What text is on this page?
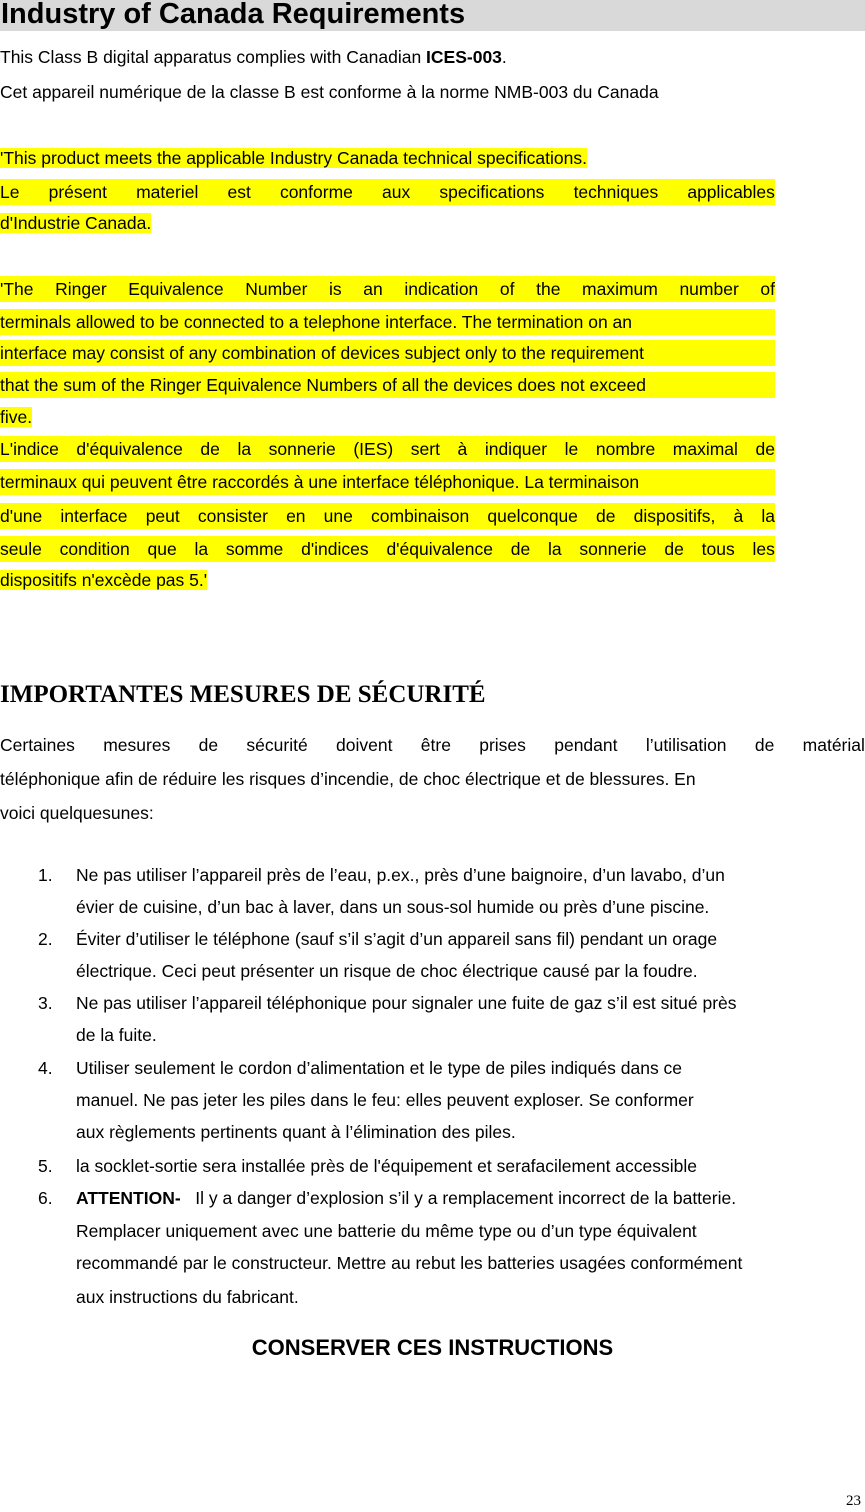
Industry of Canada Requirements
This Class B digital apparatus complies with Canadian ICES-003.
Cet appareil numérique de la classe B est conforme à la norme NMB-003 du Canada
'This product meets the applicable Industry Canada technical specifications.
Le présent materiel est conforme aux specifications techniques applicables
d'Industrie Canada.
'The Ringer Equivalence Number is an indication of the maximum number of
terminals allowed to be connected to a telephone interface. The termination on an
interface may consist of any combination of devices subject only to the requirement
that the sum of the Ringer Equivalence Numbers of all the devices does not exceed
five.
L'indice d'équivalence de la sonnerie (IES) sert à indiquer le nombre maximal de
terminaux qui peuvent être raccordés à une interface téléphonique. La terminaison
d'une interface peut consister en une combinaison quelconque de dispositifs, à la
seule condition que la somme d'indices d'équivalence de la sonnerie de tous les
dispositifs n'excède pas 5.'
IMPORTANTES MESURES DE SÉCURITÉ
Certaines mesures de sécurité doivent être prises pendant l’utilisation de matérial
téléphonique afin de réduire les risques d’incendie, de choc électrique et de blessures. En
voici quelquesunes:
1. Ne pas utiliser l’appareil près de l’eau, p.ex., près d’une baignoire, d’un lavabo, d’un
évier de cuisine, d’un bac à laver, dans un sous-sol humide ou près d’une piscine.
2. Éviter d’utiliser le téléphone (sauf s’il s’agit d’un appareil sans fil) pendant un orage
électrique. Ceci peut présenter un risque de choc électrique causé par la foudre.
3. Ne pas utiliser l’appareil téléphonique pour signaler une fuite de gaz s’il est situé près
de la fuite.
4. Utiliser seulement le cordon d’alimentation et le type de piles indiqués dans ce
manuel. Ne pas jeter les piles dans le feu: elles peuvent exploser. Se conformer
aux règlements pertinents quant à l’élimination des piles.
5. la socklet-sortie sera installée près de l'équipement et serafacilement accessible
6. ATTENTION-   Il y a danger d’explosion s’il y a remplacement incorrect de la batterie.
Remplacer uniquement avec une batterie du même type ou d’un type équivalent
recommandé par le constructeur. Mettre au rebut les batteries usagées conformément
aux instructions du fabricant.
CONSERVER CES INSTRUCTIONS
23
